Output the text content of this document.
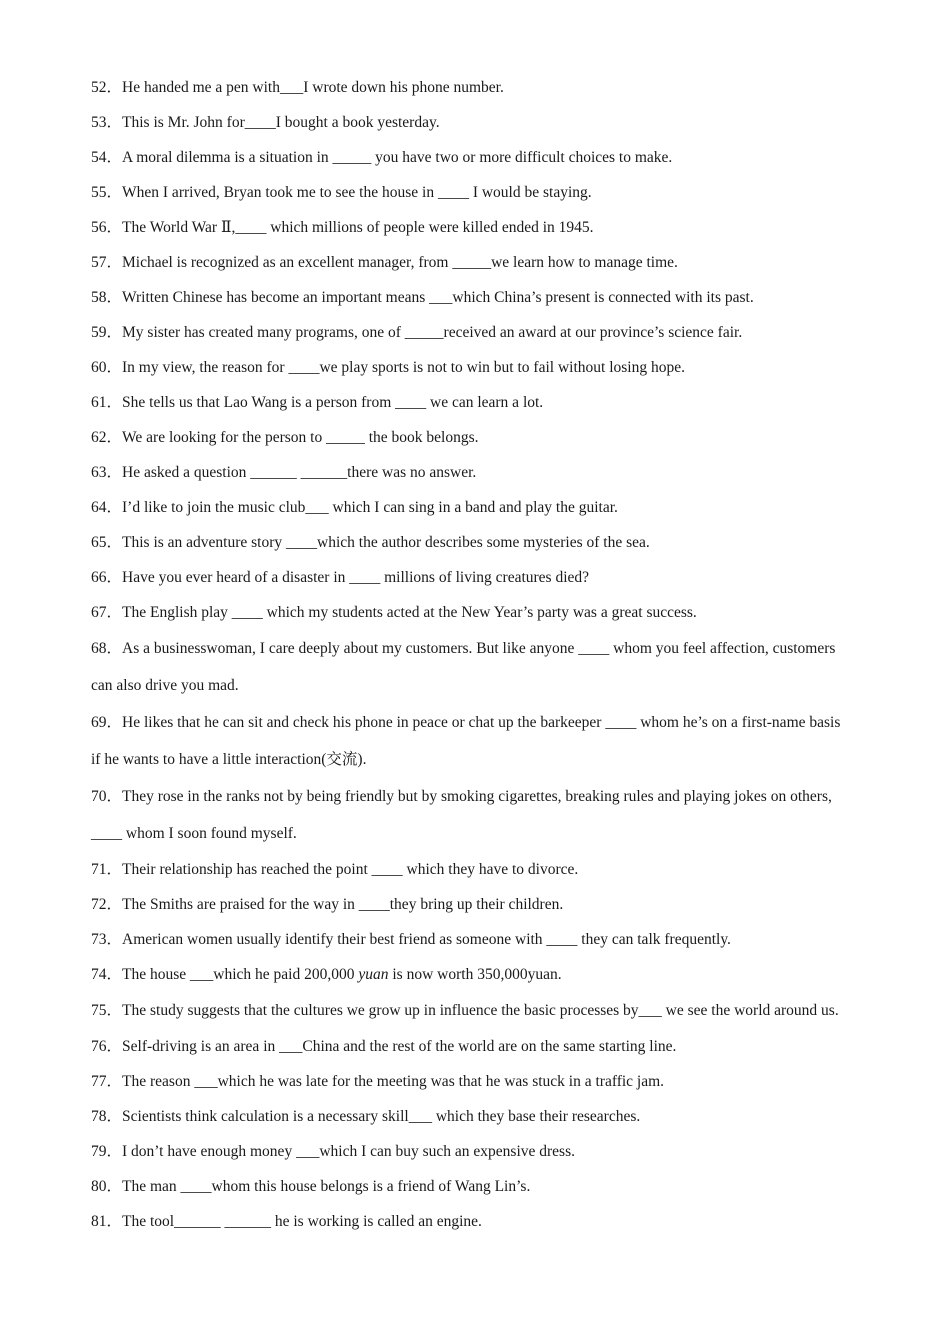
52．He handed me a pen with___I wrote down his phone number.

53．This is Mr. John for____I bought a book yesterday.

54．A moral dilemma is a situation in _____ you have two or more difficult choices to make.

55．When I arrived, Bryan took me to see the house in ____ I would be staying.

56．The World War Ⅱ,____ which millions of people were killed ended in 1945.

57．Michael is recognized as an excellent manager, from _____we learn how to manage time.

58．Written Chinese has become an important means ___which China’s present is connected with its past.

59．My sister has created many programs, one of _____received an award at our province’s science fair.

60．In my view, the reason for ____we play sports is not to win but to fail without losing hope.

61．She tells us that Lao Wang is a person from ____ we can learn a lot.

62．We are looking for the person to _____ the book belongs.

63．He asked a question ______ ______there was no answer.

64．I’d like to join the music club___ which I can sing in a band and play the guitar.

65．This is an adventure story ____which the author describes some mysteries of the sea.

66．Have you ever heard of a disaster in ____ millions of living creatures died?

67．The English play ____ which my students acted at the New Year’s party was a great success.

68．As a businesswoman, I care deeply about my customers. But like anyone ____ whom you feel affection, customers can also drive you mad.

69．He likes that he can sit and check his phone in peace or chat up the barkeeper ____ whom he’s on a first-name basis if he wants to have a little interaction(交流).

70．They rose in the ranks not by being friendly but by smoking cigarettes, breaking rules and playing jokes on others, ____ whom I soon found myself.

71．Their relationship has reached the point ____ which they have to divorce.

72．The Smiths are praised for the way in ____they bring up their children.

73．American women usually identify their best friend as someone with ____ they can talk frequently.

74．The house ___which he paid 200,000 yuan is now worth 350,000yuan.

75．The study suggests that the cultures we grow up in influence the basic processes by___ we see the world around us.

76．Self-driving is an area in ___China and the rest of the world are on the same starting line.

77．The reason ___which he was late for the meeting was that he was stuck in a traffic jam.

78．Scientists think calculation is a necessary skill___ which they base their researches.

79．I don’t have enough money ___which I can buy such an expensive dress.

80．The man ____whom this house belongs is a friend of Wang Lin’s.

81．The tool______ ______ he is working is called an engine.
